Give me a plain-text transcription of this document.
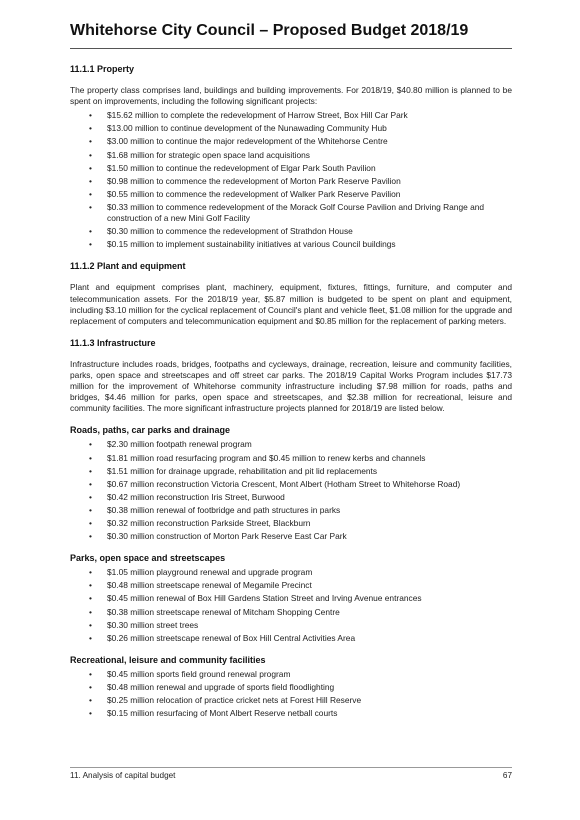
Whitehorse City Council – Proposed Budget 2018/19
11.1.1 Property
The property class comprises land, buildings and building improvements. For 2018/19, $40.80 million is planned to be spent on improvements, including the following significant projects:
• $15.62 million to complete the redevelopment of Harrow Street, Box Hill Car Park
• $13.00 million to continue development of the Nunawading Community Hub
• $3.00 million to continue the major redevelopment of the Whitehorse Centre
• $1.68 million for strategic open space land acquisitions
• $1.50 million to continue the redevelopment of Elgar Park South Pavilion
• $0.98 million to commence the redevelopment of Morton Park Reserve Pavilion
• $0.55 million to commence the redevelopment of Walker Park Reserve Pavilion
• $0.33 million to commence redevelopment of the Morack Golf Course Pavilion and Driving Range and construction of a new Mini Golf Facility
• $0.30 million to commence the redevelopment of Strathdon House
• $0.15 million to implement sustainability initiatives at various Council buildings
11.1.2 Plant and equipment
Plant and equipment comprises plant, machinery, equipment, fixtures, fittings, furniture, and computer and telecommunication assets. For the 2018/19 year, $5.87 million is budgeted to be spent on plant and equipment, including $3.10 million for the cyclical replacement of Council's plant and vehicle fleet, $1.08 million for the upgrade and replacement of computers and telecommunication equipment and $0.85 million for the replacement of parking meters.
11.1.3 Infrastructure
Infrastructure includes roads, bridges, footpaths and cycleways, drainage, recreation, leisure and community facilities, parks, open space and streetscapes and off street car parks. The 2018/19 Capital Works Program includes $17.73 million for the improvement of Whitehorse community infrastructure including $7.98 million for roads, paths and bridges, $4.46 million for parks, open space and streetscapes, and $2.38 million for recreational, leisure and community facilities. The more significant infrastructure projects planned for 2018/19 are listed below.
Roads, paths, car parks and drainage
• $2.30 million footpath renewal program
• $1.81 million road resurfacing program and $0.45 million to renew kerbs and channels
• $1.51 million for drainage upgrade, rehabilitation and pit lid replacements
• $0.67 million reconstruction Victoria Crescent, Mont Albert (Hotham Street to Whitehorse Road)
• $0.42 million reconstruction Iris Street, Burwood
• $0.38 million renewal of footbridge and path structures in parks
• $0.32 million reconstruction Parkside Street, Blackburn
• $0.30 million construction of Morton Park Reserve East Car Park
Parks, open space and streetscapes
• $1.05 million playground renewal and upgrade program
• $0.48 million streetscape renewal of Megamile Precinct
• $0.45 million renewal of Box Hill Gardens Station Street and Irving Avenue entrances
• $0.38 million streetscape renewal of Mitcham Shopping Centre
• $0.30 million street trees
• $0.26 million streetscape renewal of Box Hill Central Activities Area
Recreational, leisure and community facilities
• $0.45 million sports field ground renewal program
• $0.48 million renewal and upgrade of sports field floodlighting
• $0.25 million relocation of practice cricket nets at Forest Hill Reserve
• $0.15 million resurfacing of Mont Albert Reserve netball courts
11. Analysis of capital budget	67
